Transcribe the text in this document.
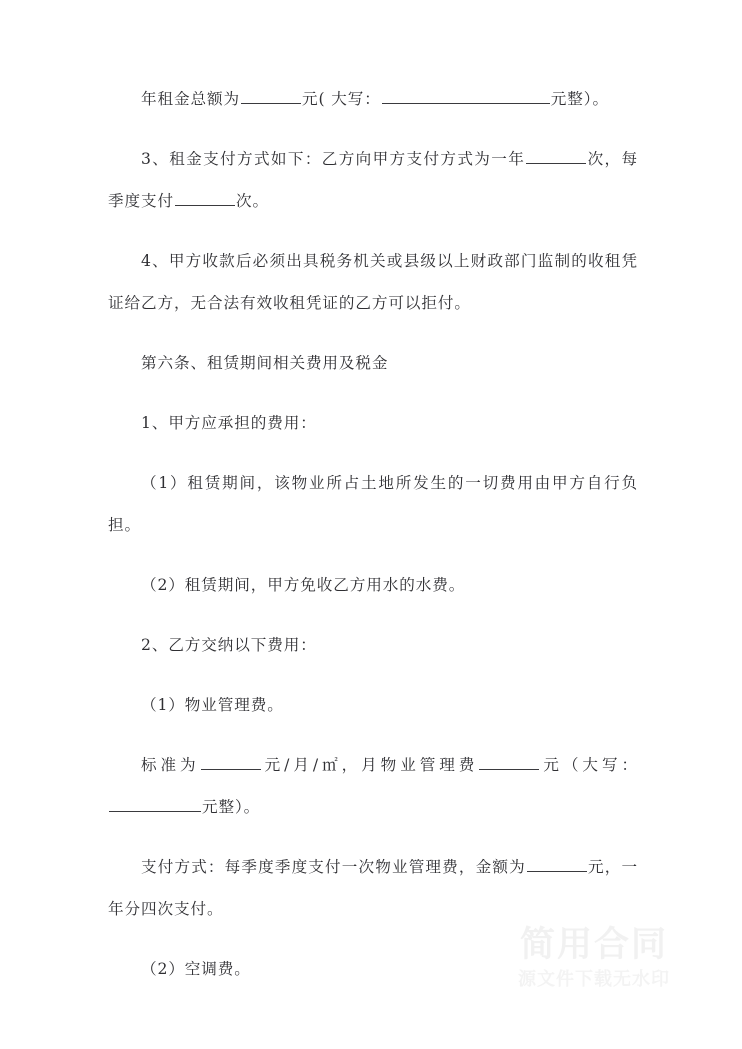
年租金总额为	元( 大写：	元整）。

3、租金支付方式如下：乙方向甲方支付方式为一年	次，每季度支付	次。

4、甲方收款后必须出具税务机关或县级以上财政部门监制的收租凭证给乙方，无合法有效收租凭证的乙方可以拒付。

第六条、租赁期间相关费用及税金

1、甲方应承担的费用：

（1）租赁期间，该物业所占土地所发生的一切费用由甲方自行负担。

（2）租赁期间，甲方免收乙方用水的水费。

2、乙方交纳以下费用：

（1）物业管理费。

标准为	元/月/㎡，月物业管理费	元（大写：元整）。

支付方式：每季度季度支付一次物业管理费，金额为	元，一年分四次支付。

（2）空调费。

简用合同
源文件下载无水印
